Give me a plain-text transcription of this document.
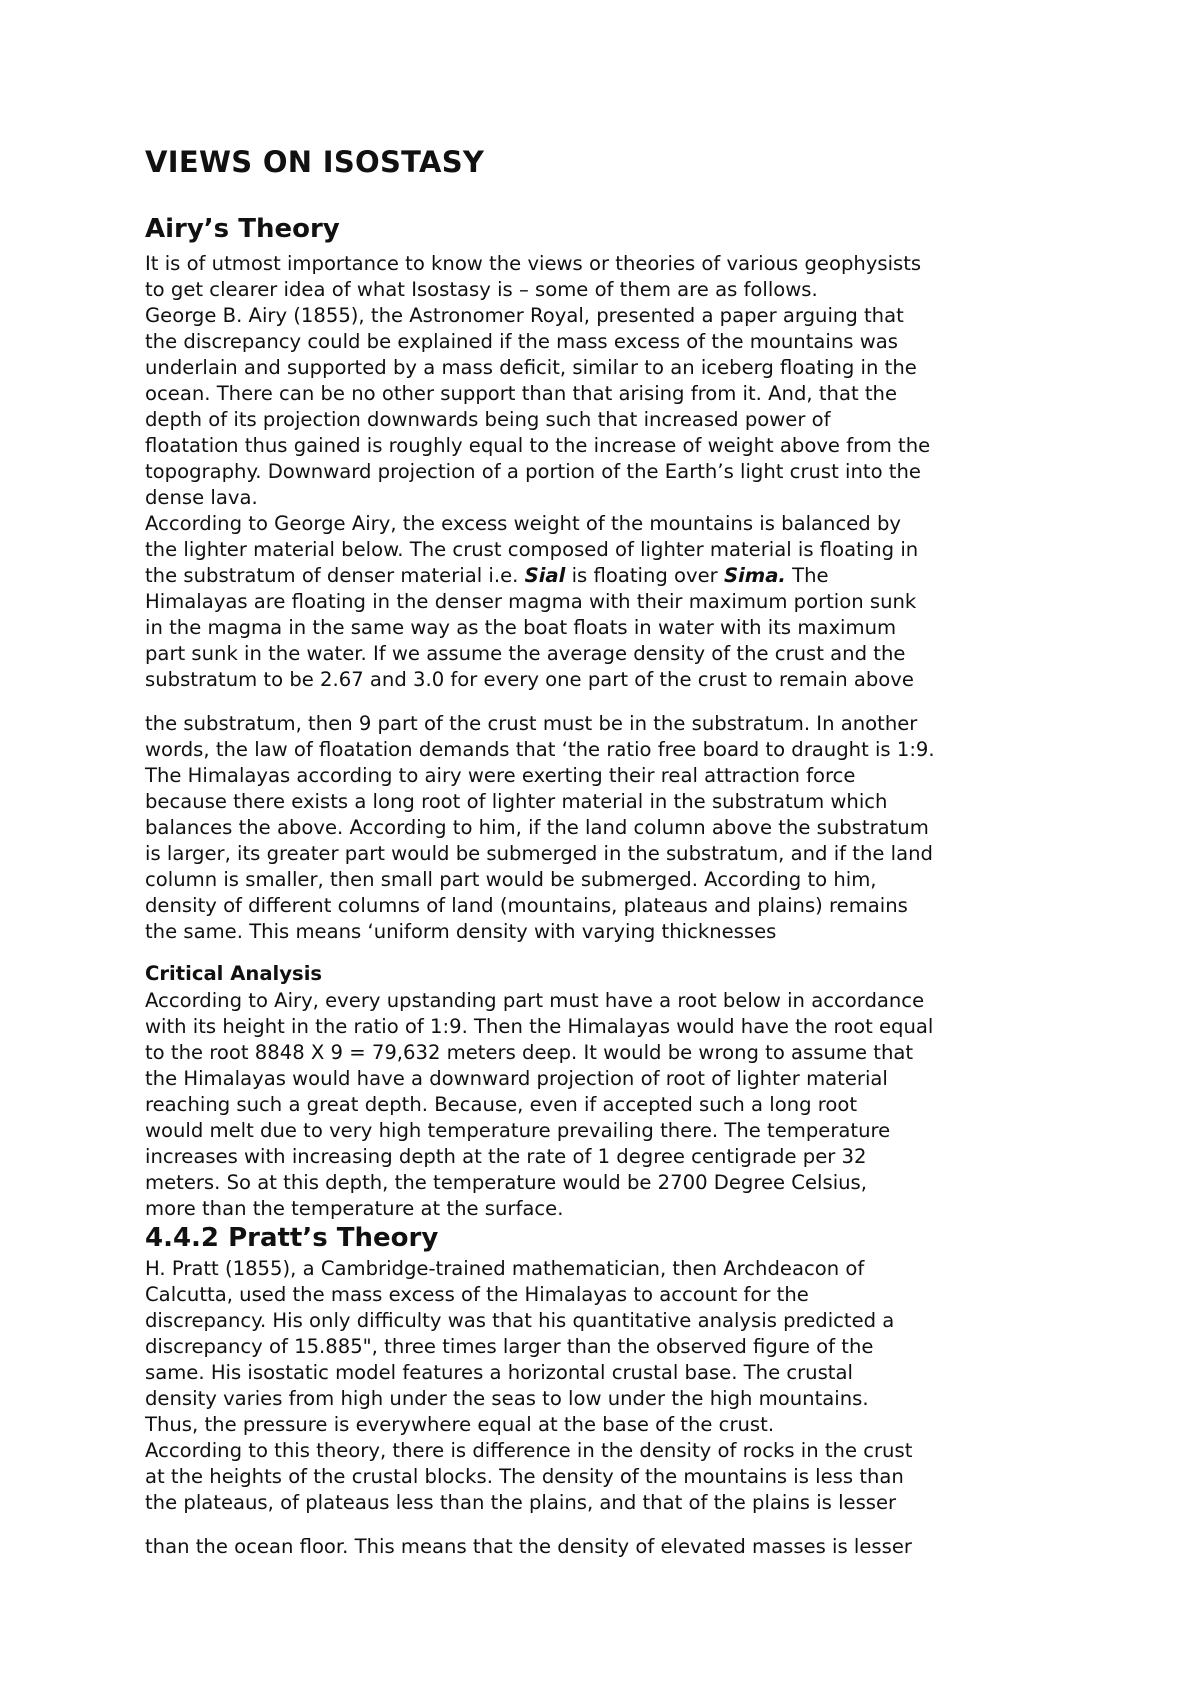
VIEWS ON ISOSTASY
Airy’s Theory
It is of utmost importance to know the views or theories of various geophysists
to get clearer idea of what Isostasy is – some of them are as follows.
George B. Airy (1855), the Astronomer Royal, presented a paper arguing that
the discrepancy could be explained if the mass excess of the mountains was
underlain and supported by a mass deficit, similar to an iceberg floating in the
ocean. There can be no other support than that arising from it. And, that the
depth of its projection downwards being such that increased power of
floatation thus gained is roughly equal to the increase of weight above from the
topography. Downward projection of a portion of the Earth’s light crust into the
dense lava.
According to George Airy, the excess weight of the mountains is balanced by
the lighter material below. The crust composed of lighter material is floating in
the substratum of denser material i.e. Sial is floating over Sima. The
Himalayas are floating in the denser magma with their maximum portion sunk
in the magma in the same way as the boat floats in water with its maximum
part sunk in the water. If we assume the average density of the crust and the
substratum to be 2.67 and 3.0 for every one part of the crust to remain above
the substratum, then 9 part of the crust must be in the substratum. In another
words, the law of floatation demands that ‘the ratio free board to draught is 1:9.
The Himalayas according to airy were exerting their real attraction force
because there exists a long root of lighter material in the substratum which
balances the above. According to him, if the land column above the substratum
is larger, its greater part would be submerged in the substratum, and if the land
column is smaller, then small part would be submerged. According to him,
density of different columns of land (mountains, plateaus and plains) remains
the same. This means ‘uniform density with varying thicknesses
Critical Analysis
According to Airy, every upstanding part must have a root below in accordance
with its height in the ratio of 1:9. Then the Himalayas would have the root equal
to the root 8848 X 9 = 79,632 meters deep. It would be wrong to assume that
the Himalayas would have a downward projection of root of lighter material
reaching such a great depth. Because, even if accepted such a long root
would melt due to very high temperature prevailing there. The temperature
increases with increasing depth at the rate of 1 degree centigrade per 32
meters. So at this depth, the temperature would be 2700 Degree Celsius,
more than the temperature at the surface.
4.4.2 Pratt’s Theory
H. Pratt (1855), a Cambridge-trained mathematician, then Archdeacon of
Calcutta, used the mass excess of the Himalayas to account for the
discrepancy. His only difficulty was that his quantitative analysis predicted a
discrepancy of 15.885", three times larger than the observed figure of the
same. His isostatic model features a horizontal crustal base. The crustal
density varies from high under the seas to low under the high mountains.
Thus, the pressure is everywhere equal at the base of the crust.
According to this theory, there is difference in the density of rocks in the crust
at the heights of the crustal blocks. The density of the mountains is less than
the plateaus, of plateaus less than the plains, and that of the plains is lesser
than the ocean floor. This means that the density of elevated masses is lesser
